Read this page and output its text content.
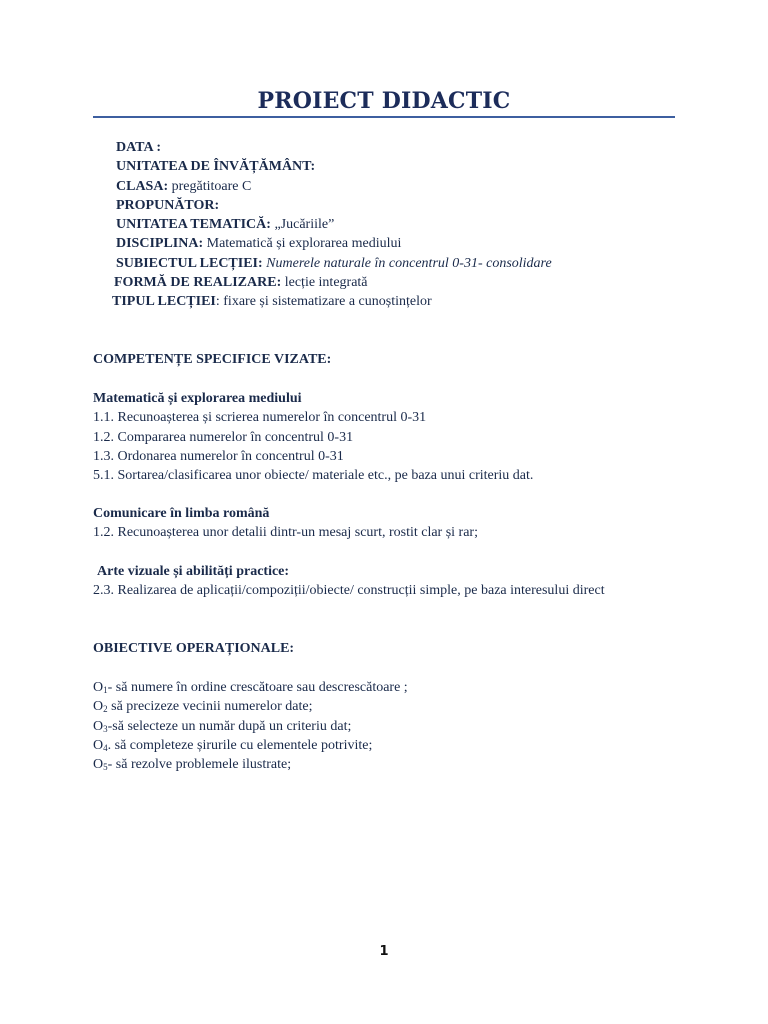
PROIECT DIDACTIC
DATA :
UNITATEA DE ÎNVĂȚĂMÂNT:
CLASA: pregătitoare C
PROPUNĂTOR:
UNITATEA TEMATICĂ: „Jucăriile”
DISCIPLINA: Matematică și explorarea mediului
SUBIECTUL LECȚIEI: Numerele naturale în concentrul 0-31- consolidare
FORMĂ DE REALIZARE: lecție integrată
TIPUL LECȚIEI: fixare și sistematizare a cunoștințelor
COMPETENȚE SPECIFICE VIZATE:
Matematică și explorarea mediului
1.1. Recunoașterea și scrierea numerelor în concentrul 0-31
1.2. Compararea numerelor în concentrul 0-31
1.3. Ordonarea numerelor în concentrul 0-31
5.1. Sortarea/clasificarea unor obiecte/ materiale etc., pe baza unui criteriu dat.
Comunicare în limba română
1.2. Recunoașterea unor detalii dintr-un mesaj scurt, rostit clar și rar;
Arte vizuale și abilități practice:
2.3. Realizarea de aplicații/compoziții/obiecte/ construcții simple, pe baza interesului direct
OBIECTIVE OPERAȚIONALE:
$O_1-$ să numere în ordine crescătoare sau descrescătoare ;
$O_2$ să precizeze vecinii numerelor date;
$O_3-să$ selecteze un număr după un criteriu dat;
$O_4$. să completeze șirurile cu elementele potrivite;
$O_5-$ să rezolve problemele ilustrate;
1
